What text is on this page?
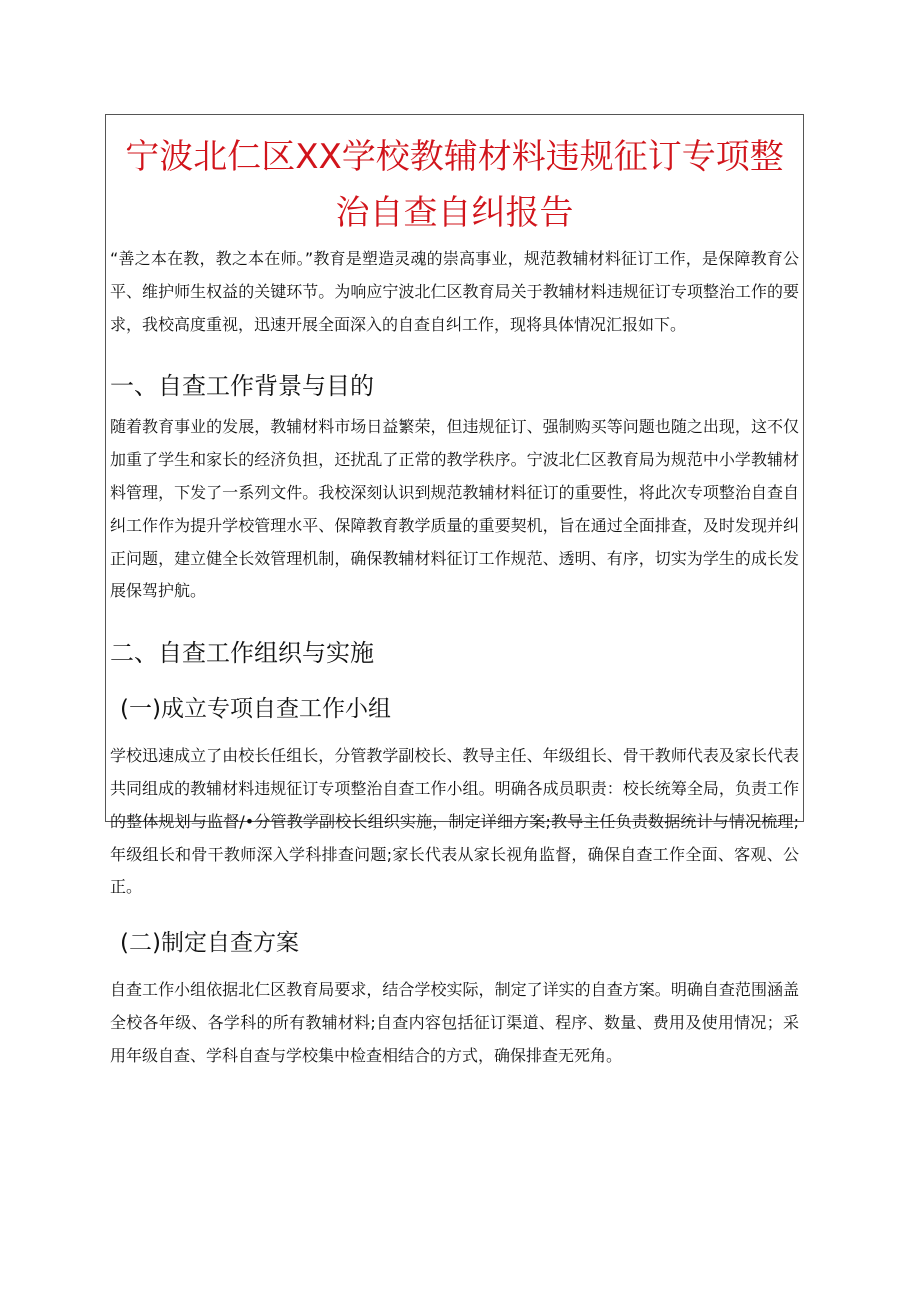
宁波北仁区XX学校教辅材料违规征订专项整
治自查自纠报告

“善之本在教，教之本在师。”教育是塑造灵魂的崇高事业，规范教辅材料征订工作，是保障教育公平、维护师生权益的关键环节。为响应宁波北仁区教育局关于教辅材料违规征订专项整治工作的要求，我校高度重视，迅速开展全面深入的自查自纠工作，现将具体情况汇报如下。

一、自查工作背景与目的

随着教育事业的发展，教辅材料市场日益繁荣，但违规征订、强制购买等问题也随之出现，这不仅加重了学生和家长的经济负担，还扰乱了正常的教学秩序。宁波北仁区教育局为规范中小学教辅材料管理，下发了一系列文件。我校深刻认识到规范教辅材料征订的重要性，将此次专项整治自查自纠工作作为提升学校管理水平、保障教育教学质量的重要契机，旨在通过全面排查，及时发现并纠正问题，建立健全长效管理机制，确保教辅材料征订工作规范、透明、有序，切实为学生的成长发展保驾护航。

二、自查工作组织与实施
(一)成立专项自查工作小组

学校迅速成立了由校长任组长，分管教学副校长、教导主任、年级组长、骨干教师代表及家长代表共同组成的教辅材料违规征订专项整治自查工作小组。明确各成员职责：校长统筹全局，负责工作的整体规划与监督/•分管教学副校长组织实施，制定详细方案;教导主任负责数据统计与情况梳理;年级组长和骨干教师深入学科排查问题;家长代表从家长视角监督，确保自查工作全面、客观、公正。

(二)制定自查方案

自查工作小组依据北仁区教育局要求，结合学校实际，制定了详实的自查方案。明确自查范围涵盖全校各年级、各学科的所有教辅材料;自查内容包括征订渠道、程序、数量、费用及使用情况；采用年级自查、学科自查与学校集中检查相结合的方式，确保排查无死角。
